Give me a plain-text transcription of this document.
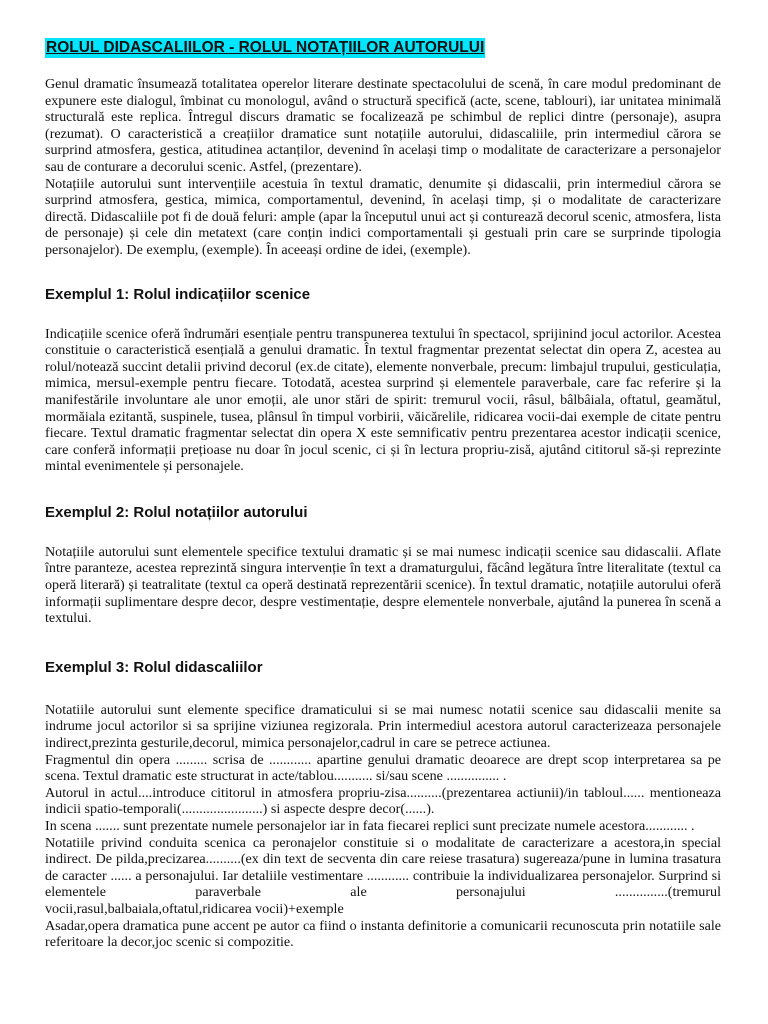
ROLUL DIDASCALIILOR - ROLUL NOTAȚIILOR AUTORULUI

Genul dramatic însumează totalitatea operelor literare destinate spectacolului de scenă, în care modul predominant de expunere este dialogul, îmbinat cu monologul, având o structură specifică (acte, scene, tablouri), iar unitatea minimală structurală este replica. Întregul discurs dramatic se focalizează pe schimbul de replici dintre (personaje), asupra (rezumat). O caracteristică a creațiilor dramatice sunt notațiile autorului, didascaliile, prin intermediul cărora se surprind atmosfera, gestica, atitudinea actanților, devenind în același timp o modalitate de caracterizare a personajelor sau de conturare a decorului scenic. Astfel, (prezentare).

Notațiile autorului sunt intervențiile acestuia în textul dramatic, denumite și didascalii, prin intermediul cărora se surprind atmosfera, gestica, mimica, comportamentul, devenind, în același timp, și o modalitate de caracterizare directă. Didascaliile pot fi de două feluri: ample (apar la începutul unui act și conturează decorul scenic, atmosfera, lista de personaje) și cele din metatext (care conțin indici comportamentali și gestuali prin care se surprinde tipologia personajelor). De exemplu, (exemple). În aceeași ordine de idei, (exemple).

Exemplul 1: Rolul indicațiilor scenice

Indicațiile scenice oferă îndrumări esențiale pentru transpunerea textului în spectacol, sprijinind jocul actorilor. Acestea constituie o caracteristică esențială a genului dramatic. În textul fragmentar prezentat selectat din opera Z, acestea au rolul/notează succint detalii privind decorul (ex.de citate), elemente nonverbale, precum: limbajul trupului, gesticulația, mimica, mersul-exemple pentru fiecare. Totodată, acestea surprind și elementele paraverbale, care fac referire și la manifestările involuntare ale unor emoții, ale unor stări de spirit: tremurul vocii, râsul, bâlbâiala, oftatul, geamătul, mormăiala ezitantă, suspinele, tusea, plânsul în timpul vorbirii, văicărelile, ridicarea vocii-dai exemple de citate pentru fiecare. Textul dramatic fragmentar selectat din opera X este semnificativ pentru prezentarea acestor indicații scenice, care conferă informații prețioase nu doar în jocul scenic, ci și în lectura propriu-zisă, ajutând cititorul să-și reprezinte mintal evenimentele și personajele.

Exemplul 2: Rolul notațiilor autorului

Notațiile autorului sunt elementele specifice textului dramatic și se mai numesc indicații scenice sau didascalii. Aflate între paranteze, acestea reprezintă singura intervenție în text a dramaturgului, făcând legătura între literalitate (textul ca operă literară) și teatralitate (textul ca operă destinată reprezentării scenice). În textul dramatic, notațiile autorului oferă informații suplimentare despre decor, despre vestimentație, despre elementele nonverbale, ajutând la punerea în scenă a textului.

Exemplul 3: Rolul didascaliilor
Notatiile autorului sunt elemente specifice dramaticului si se mai numesc notatii scenice sau didascalii menite sa indrume jocul actorilor si sa sprijine viziunea regizorala. Prin intermediul acestora autorul caracterizeaza personajele indirect,prezinta gesturile,decorul, mimica personajelor,cadrul in care se petrece actiunea.
Fragmentul din opera ......... scrisa de ............ apartine genului dramatic deoarece are drept scop interpretarea sa pe scena. Textul dramatic este structurat in acte/tablou........... si/sau scene ............... .
Autorul in actul....introduce cititorul in atmosfera propriu-zisa..........(prezentarea actiunii)/in tabloul...... mentioneaza indicii spatio-temporali(.......................) si aspecte despre decor(......).
In scena ....... sunt prezentate numele personajelor iar in fata fiecarei replici sunt precizate numele acestora............ .
Notatiile privind conduita scenica ca peronajelor constituie si o modalitate de caracterizare a acestora,in special indirect. De pilda,precizarea..........(ex din text de secventa din care reiese trasatura) sugereaza/pune in lumina trasatura de caracter ...... a personajului. Iar detaliile vestimentare ............ contribuie la individualizarea personajelor. Surprind si elementele paraverbale ale personajului ...............(tremurul
vocii,rasul,balbaiala,oftatul,ridicarea vocii)+exemple
Asadar,opera dramatica pune accent pe autor ca fiind o instanta definitorie a comunicarii recunoscuta prin notatiile sale referitoare la decor,joc scenic si compozitie.
